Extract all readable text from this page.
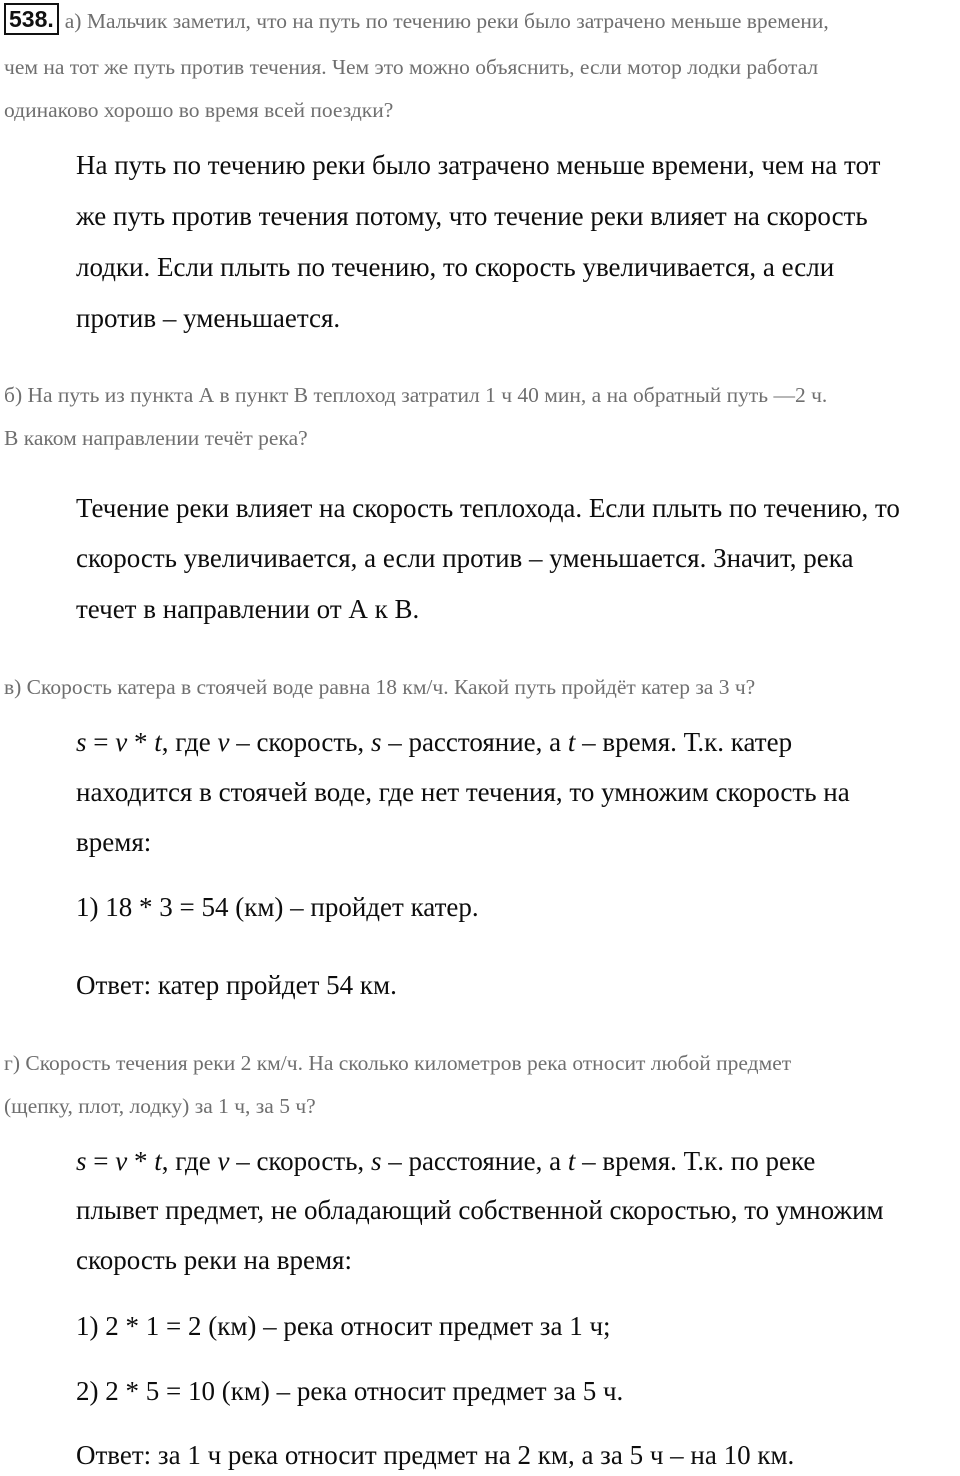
538. а) Мальчик заметил, что на путь по течению реки было затрачено меньше времени,
чем на тот же путь против течения. Чем это можно объяснить, если мотор лодки работал
одинаково хорошо во время всей поездки?
На путь по течению реки было затрачено меньше времени, чем на тот
же путь против течения потому, что течение реки влияет на скорость
лодки. Если плыть по течению, то скорость увеличивается, а если
против – уменьшается.
б) На путь из пункта А в пункт В теплоход затратил 1 ч 40 мин, а на обратный путь —2 ч.
В каком направлении течёт река?
Течение реки влияет на скорость теплохода. Если плыть по течению, то
скорость увеличивается, а если против – уменьшается. Значит, река
течет в направлении от А к В.
в) Скорость катера в стоячей воде равна 18 км/ч. Какой путь пройдёт катер за 3 ч?
s = v * t, где v – скорость, s – расстояние, а t – время. Т.к. катер
находится в стоячей воде, где нет течения, то умножим скорость на
время:
1) 18 * 3 = 54 (км) – пройдет катер.
Ответ: катер пройдет 54 км.
г) Скорость течения реки 2 км/ч. На сколько километров река относит любой предмет
(щепку, плот, лодку) за 1 ч, за 5 ч?
s = v * t, где v – скорость, s – расстояние, а t – время. Т.к. по реке
плывет предмет, не обладающий собственной скоростью, то умножим
скорость реки на время:
1) 2 * 1 = 2 (км) – река относит предмет за 1 ч;
2) 2 * 5 = 10 (км) – река относит предмет за 5 ч.
Ответ: за 1 ч река относит предмет на 2 км, а за 5 ч – на 10 км.
